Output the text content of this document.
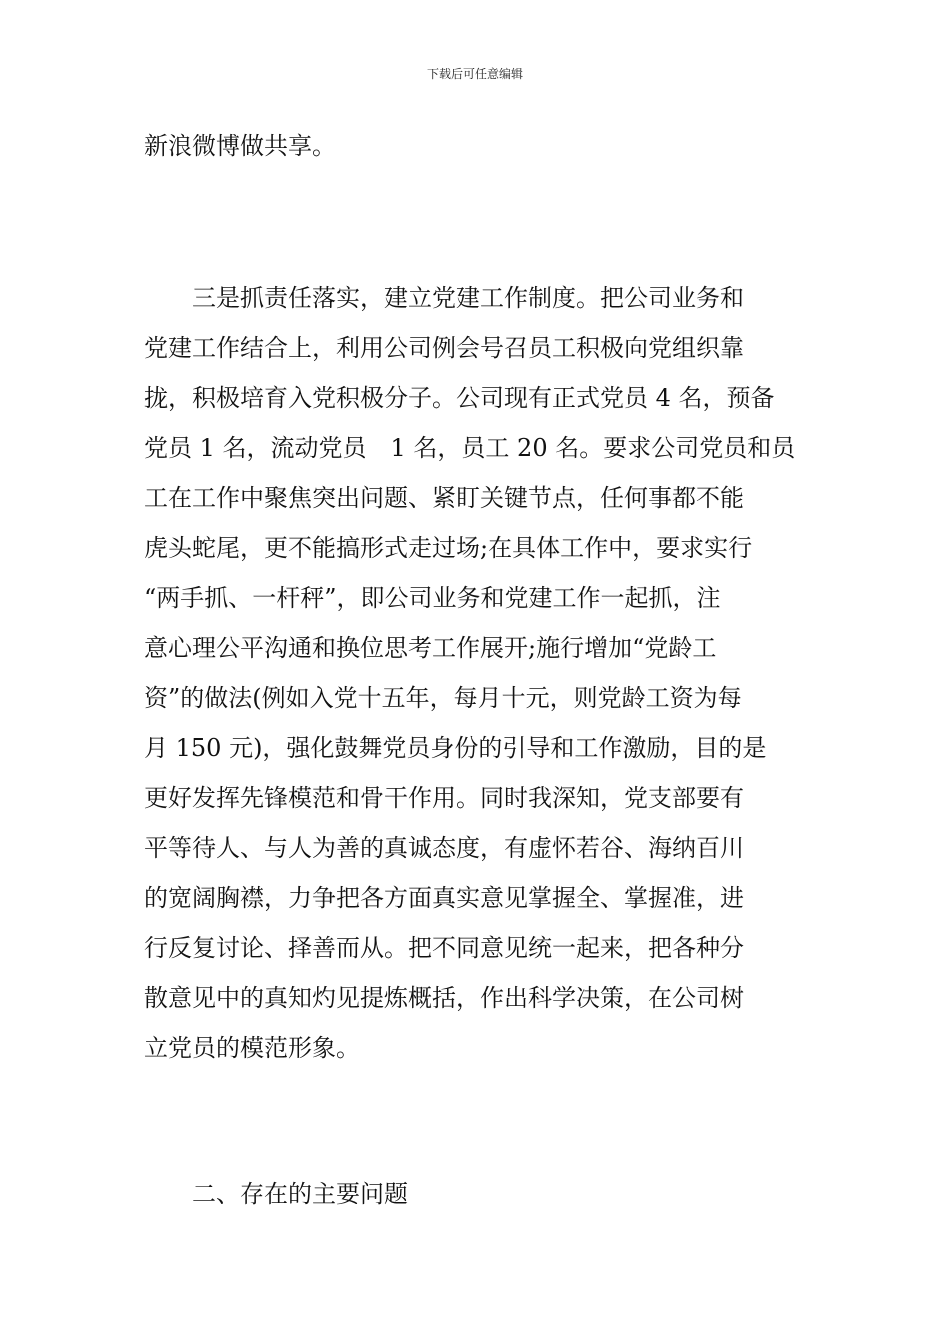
下载后可任意编辑
新浪微博做共享。
　　三是抓责任落实，建立党建工作制度。把公司业务和
党建工作结合上，利用公司例会号召员工积极向党组织靠
拢，积极培育入党积极分子。公司现有正式党员 4 名，预备
党员 1 名，流动党员　1 名，员工 20 名。要求公司党员和员
工在工作中聚焦突出问题、紧盯关键节点，任何事都不能
虎头蛇尾，更不能搞形式走过场;在具体工作中，要求实行
“两手抓、一杆秤”，即公司业务和党建工作一起抓，注
意心理公平沟通和换位思考工作展开;施行增加“党龄工
资”的做法(例如入党十五年，每月十元，则党龄工资为每
月 150 元)，强化鼓舞党员身份的引导和工作激励，目的是
更好发挥先锋模范和骨干作用。同时我深知，党支部要有
平等待人、与人为善的真诚态度，有虚怀若谷、海纳百川
的宽阔胸襟，力争把各方面真实意见掌握全、掌握准，进
行反复讨论、择善而从。把不同意见统一起来，把各种分
散意见中的真知灼见提炼概括，作出科学决策，在公司树
立党员的模范形象。
　　二、存在的主要问题
